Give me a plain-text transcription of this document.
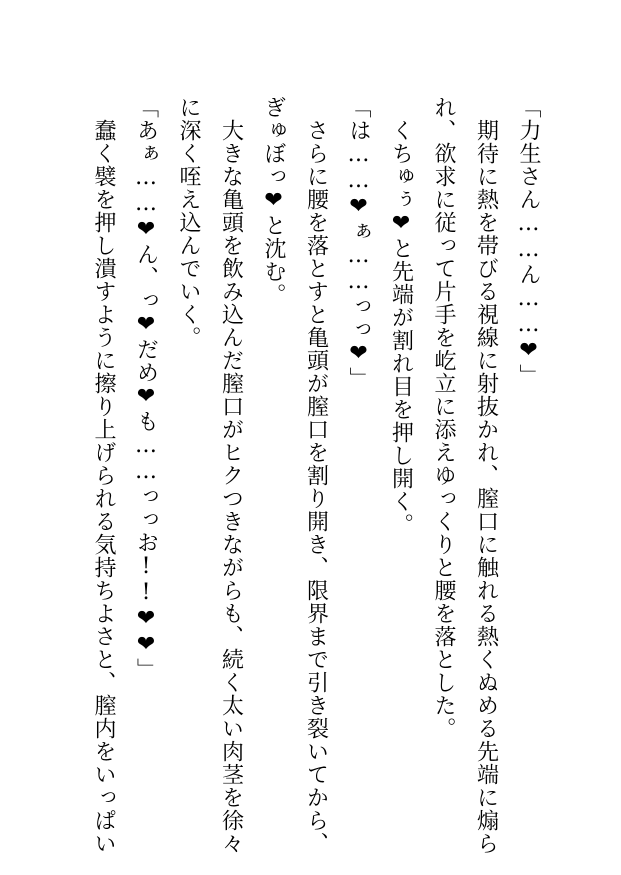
「力生さん……ん……❤」

　期待に熱を帯びる視線に射抜かれ、膣口に触れる熱くぬめる先端に煽ら

れ、欲求に従って片手を屹立に添えゆっくりと腰を落とした。

　くちゅぅ❤と先端が割れ目を押し開く。

「は……❤ぁ……っっ❤」

　さらに腰を落とすと亀頭が膣口を割り開き、限界まで引き裂いてから、

ぎゅぼっ❤と沈む。

　大きな亀頭を飲み込んだ膣口がヒクつきながらも、続く太い肉茎を徐々

に深く咥え込んでいく。

「あぁ……❤ん、っ❤だめ❤も……っっお!!❤❤」

　蠢く襞を押し潰すように擦り上げられる気持ちよさと、膣内をいっぱい
